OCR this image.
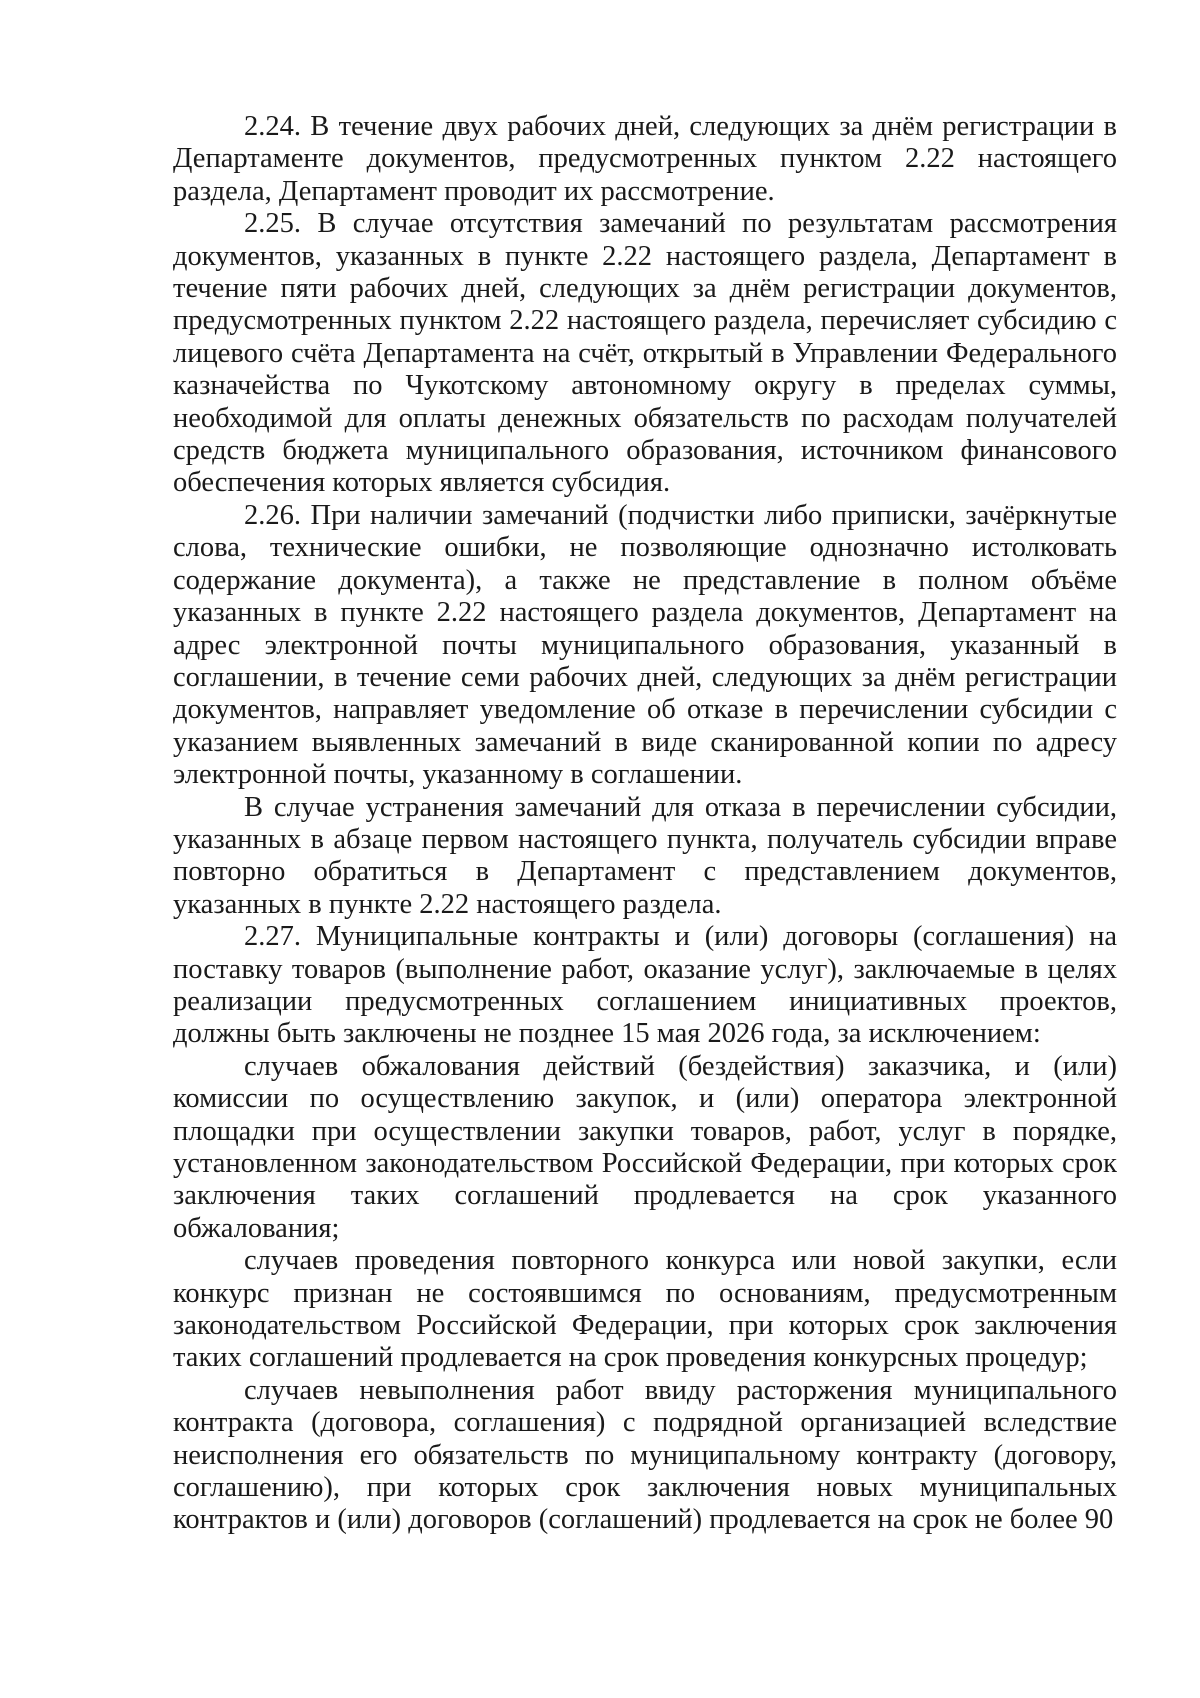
2.24. В течение двух рабочих дней, следующих за днём регистрации в Департаменте документов, предусмотренных пунктом 2.22 настоящего раздела, Департамент проводит их рассмотрение.

2.25. В случае отсутствия замечаний по результатам рассмотрения документов, указанных в пункте 2.22 настоящего раздела, Департамент в течение пяти рабочих дней, следующих за днём регистрации документов, предусмотренных пунктом 2.22 настоящего раздела, перечисляет субсидию с лицевого счёта Департамента на счёт, открытый в Управлении Федерального казначейства по Чукотскому автономному округу в пределах суммы, необходимой для оплаты денежных обязательств по расходам получателей средств бюджета муниципального образования, источником финансового обеспечения которых является субсидия.

2.26. При наличии замечаний (подчистки либо приписки, зачёркнутые слова, технические ошибки, не позволяющие однозначно истолковать содержание документа), а также не представление в полном объёме указанных в пункте 2.22 настоящего раздела документов, Департамент на адрес электронной почты муниципального образования, указанный в соглашении, в течение семи рабочих дней, следующих за днём регистрации документов, направляет уведомление об отказе в перечислении субсидии с указанием выявленных замечаний в виде сканированной копии по адресу электронной почты, указанному в соглашении.

В случае устранения замечаний для отказа в перечислении субсидии, указанных в абзаце первом настоящего пункта, получатель субсидии вправе повторно обратиться в Департамент с представлением документов, указанных в пункте 2.22 настоящего раздела.

2.27. Муниципальные контракты и (или) договоры (соглашения) на поставку товаров (выполнение работ, оказание услуг), заключаемые в целях реализации предусмотренных соглашением инициативных проектов, должны быть заключены не позднее 15 мая 2026 года, за исключением:

случаев обжалования действий (бездействия) заказчика, и (или) комиссии по осуществлению закупок, и (или) оператора электронной площадки при осуществлении закупки товаров, работ, услуг в порядке, установленном законодательством Российской Федерации, при которых срок заключения таких соглашений продлевается на срок указанного обжалования;

случаев проведения повторного конкурса или новой закупки, если конкурс признан не состоявшимся по основаниям, предусмотренным законодательством Российской Федерации, при которых срок заключения таких соглашений продлевается на срок проведения конкурсных процедур;

случаев невыполнения работ ввиду расторжения муниципального контракта (договора, соглашения) с подрядной организацией вследствие неисполнения его обязательств по муниципальному контракту (договору, соглашению), при которых срок заключения новых муниципальных контрактов и (или) договоров (соглашений) продлевается на срок не более 90
